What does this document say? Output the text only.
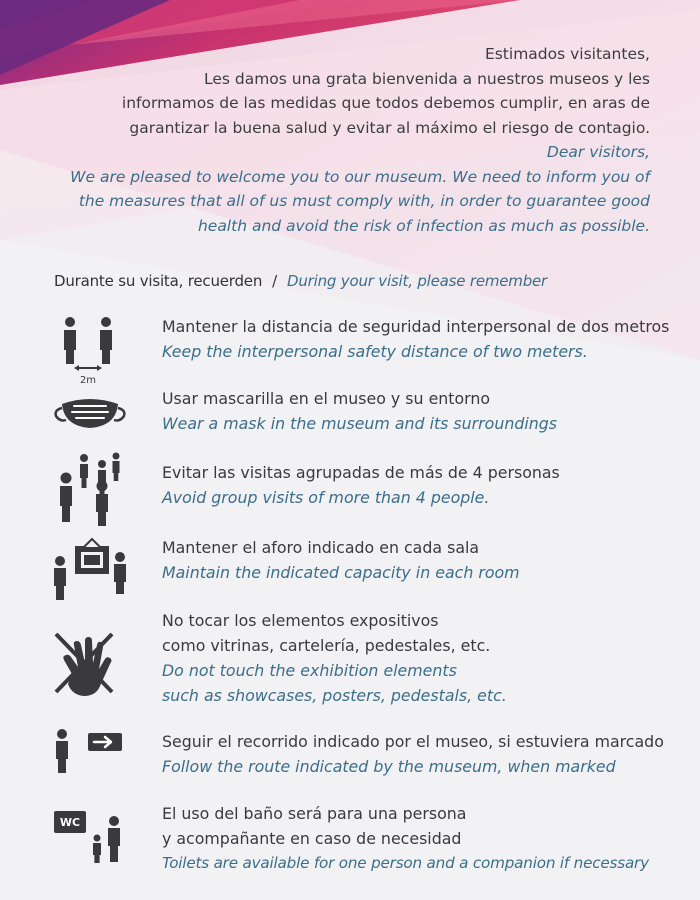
Estimados visitantes,
Les damos una grata bienvenida a nuestros museos y les
informamos de las medidas que todos debemos cumplir, en aras de
garantizar la buena salud y evitar al máximo el riesgo de contagio.
Dear visitors,
We are pleased to welcome you to our museum. We need to inform you of
the measures that all of us must comply with, in order to guarantee good
health and avoid the risk of infection as much as possible.
Durante su visita, recuerden / During your visit, please remember
2m
Mantener la distancia de seguridad interpersonal de dos metros
Keep the interpersonal safety distance of two meters.
Usar mascarilla en el museo y su entorno
Wear a mask in the museum and its surroundings
Evitar las visitas agrupadas de más de 4 personas
Avoid group visits of more than 4 people.
Mantener el aforo indicado en cada sala
Maintain the indicated capacity in each room
No tocar los elementos expositivos
como vitrinas, cartelería, pedestales, etc.
Do not touch the exhibition elements
such as showcases, posters, pedestals, etc.
Seguir el recorrido indicado por el museo, si estuviera marcado
Follow the route indicated by the museum, when marked
WC	El uso del baño será para una persona
y acompañante en caso de necesidad
Toilets are available for one person and a companion if necessary
